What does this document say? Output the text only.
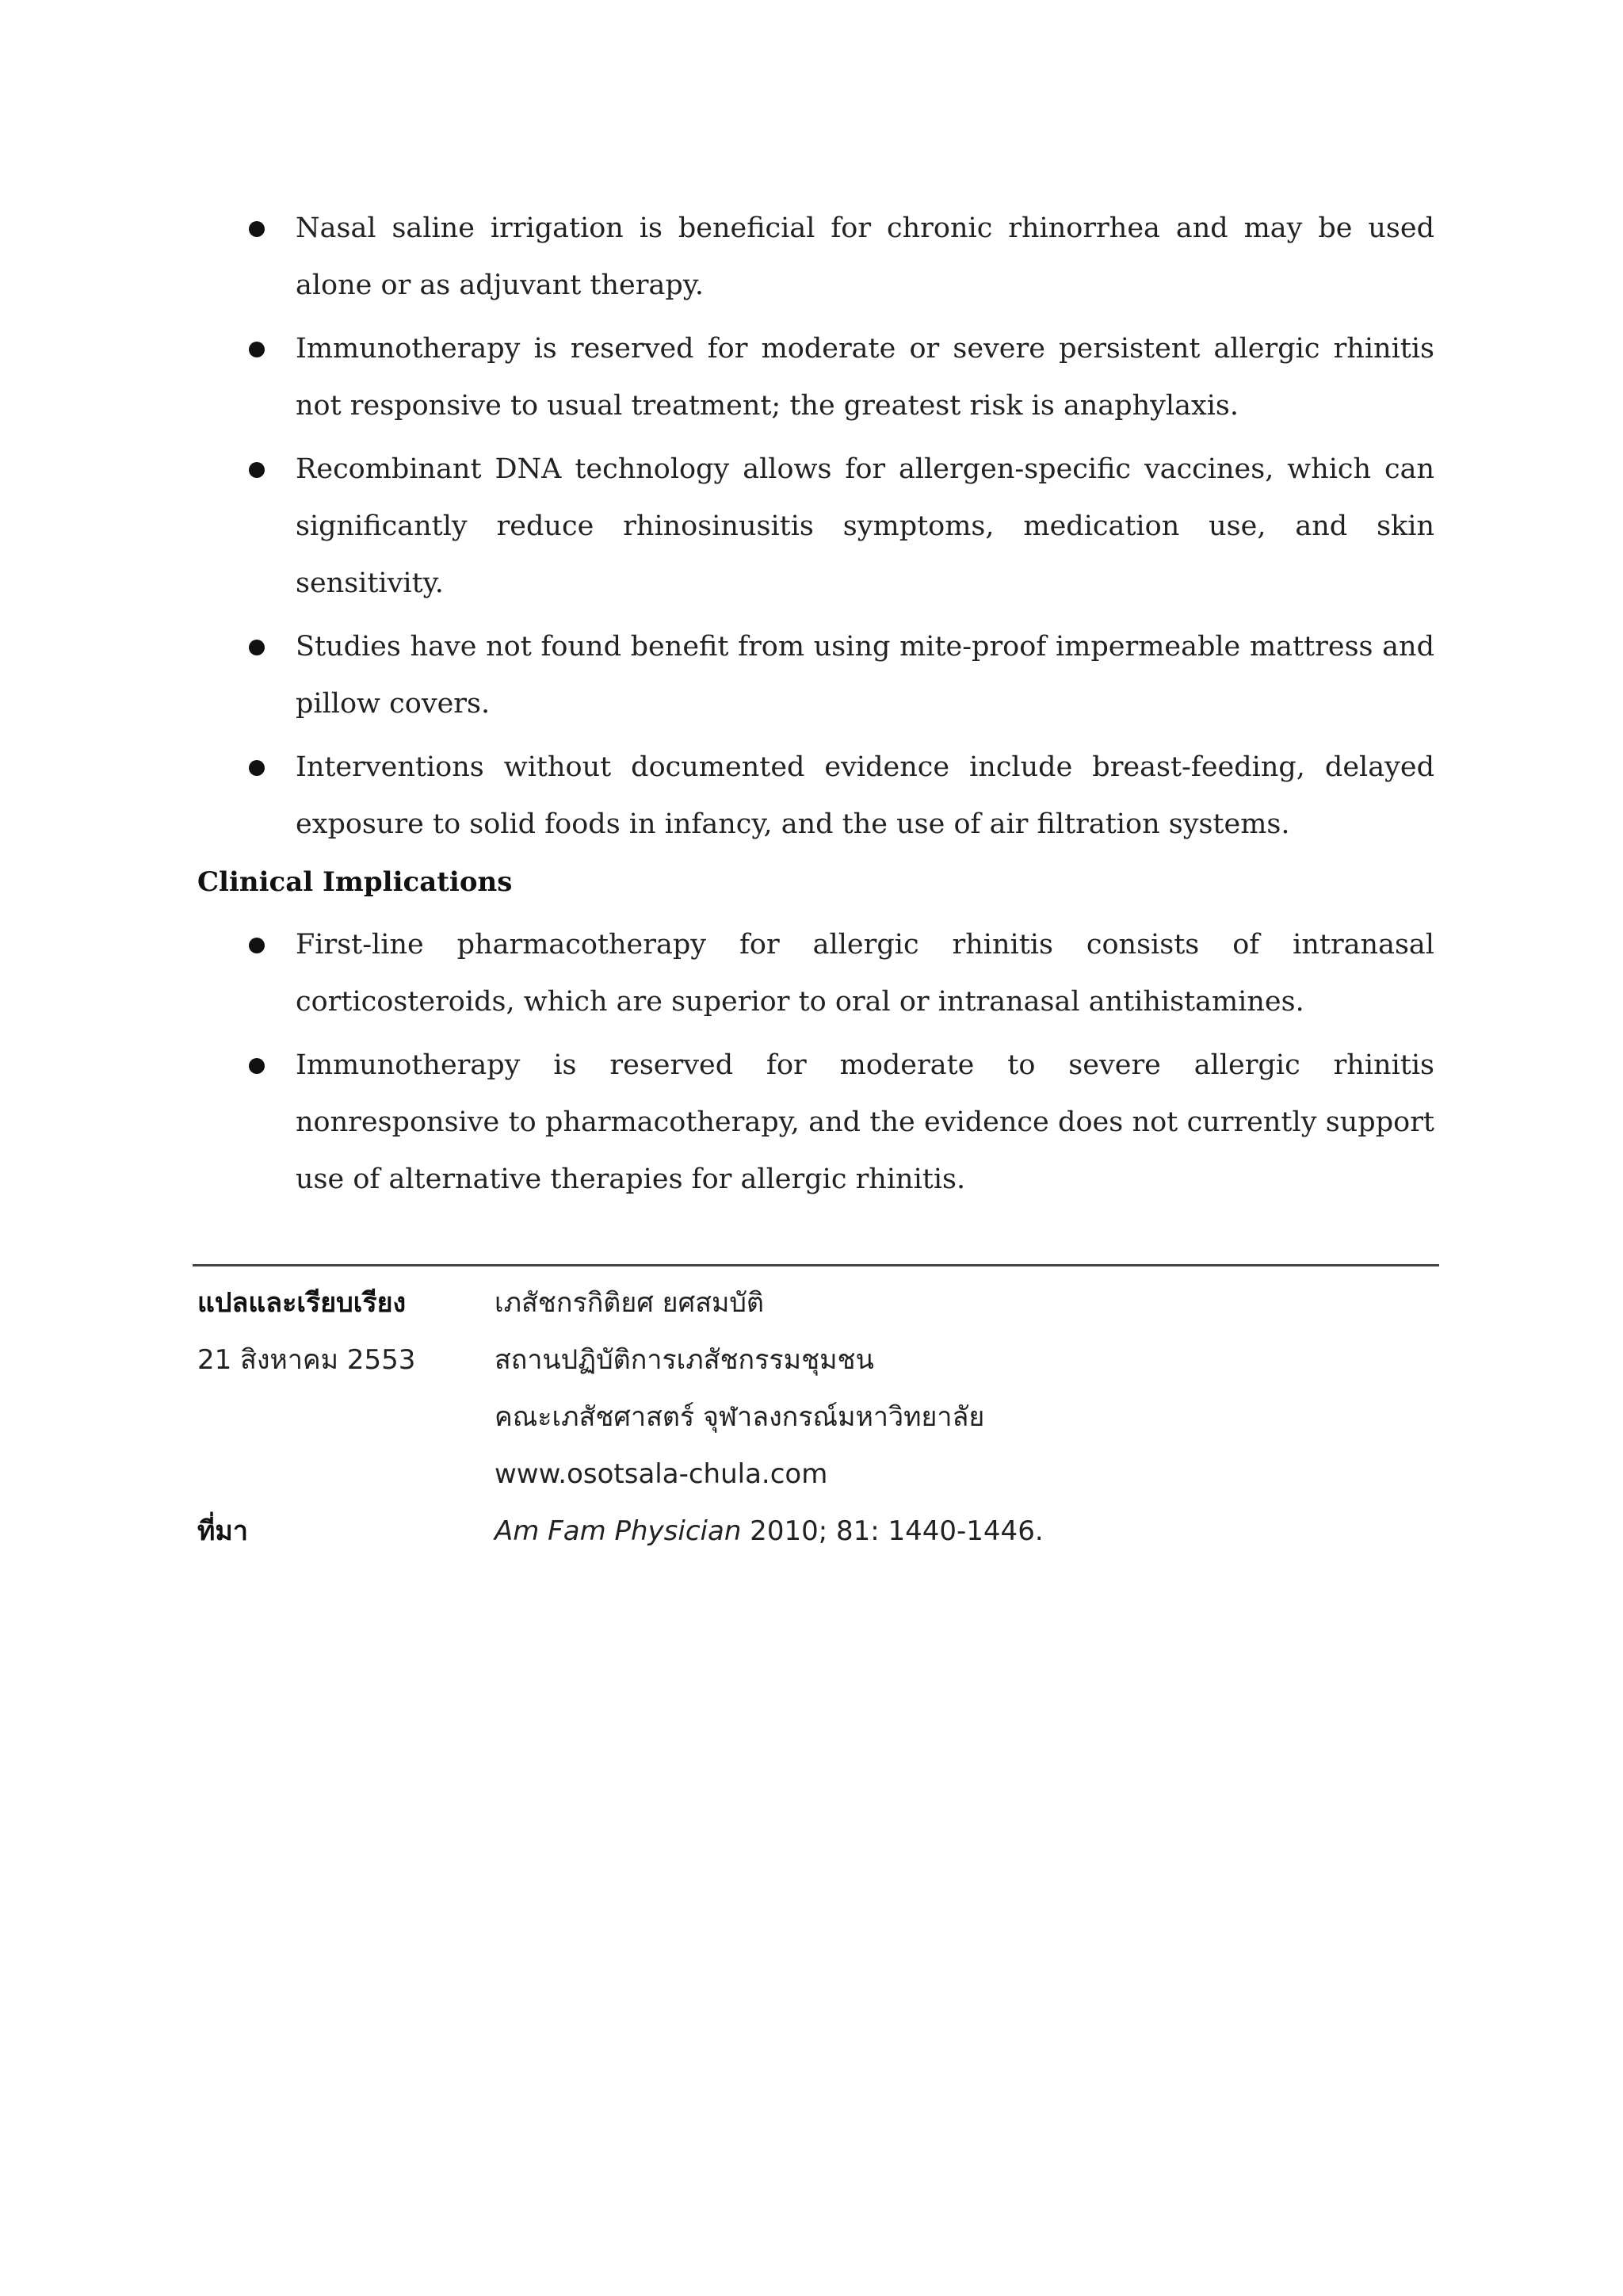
Nasal saline irrigation is beneficial for chronic rhinorrhea and may be used alone or as adjuvant therapy.
Immunotherapy is reserved for moderate or severe persistent allergic rhinitis not responsive to usual treatment; the greatest risk is anaphylaxis.
Recombinant DNA technology allows for allergen-specific vaccines, which can significantly reduce rhinosinusitis symptoms, medication use, and skin sensitivity.
Studies have not found benefit from using mite-proof impermeable mattress and pillow covers.
Interventions without documented evidence include breast-feeding, delayed exposure to solid foods in infancy, and the use of air filtration systems.
Clinical Implications
First-line pharmacotherapy for allergic rhinitis consists of intranasal corticosteroids, which are superior to oral or intranasal antihistamines.
Immunotherapy is reserved for moderate to severe allergic rhinitis nonresponsive to pharmacotherapy, and the evidence does not currently support use of alternative therapies for allergic rhinitis.
แปลและเรียบเรียง	เภสัชกรกิติยศ ยศสมบัติ
21 สิงหาคม 2553	สถานปฏิบัติการเภสัชกรรมชุมชน
คณะเภสัชศาสตร์ จุฬาลงกรณ์มหาวิทยาลัย
www.osotsala-chula.com
ที่มา	Am Fam Physician 2010; 81: 1440-1446.
